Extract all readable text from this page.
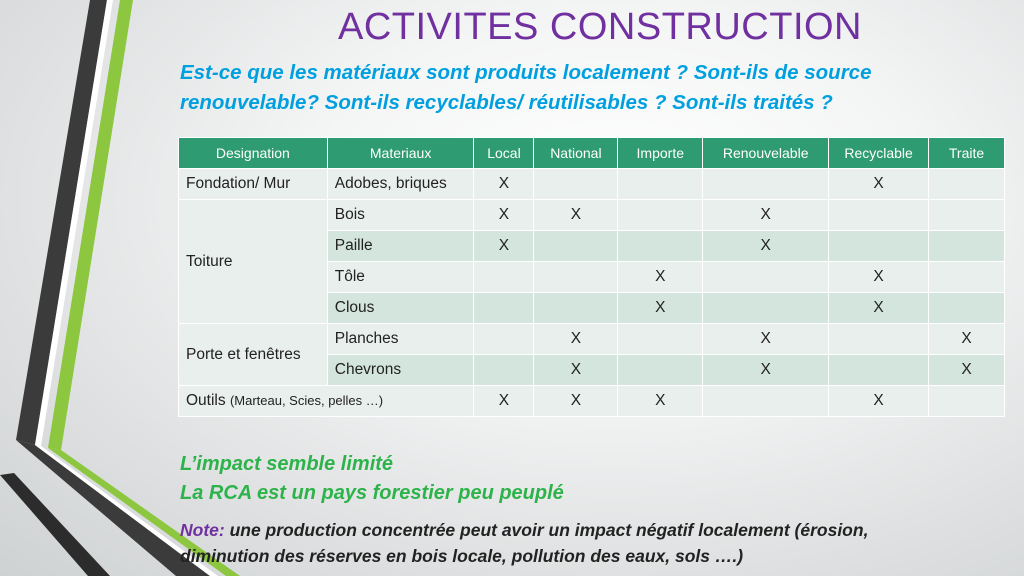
ACTIVITES CONSTRUCTION
Est-ce que les matériaux sont produits localement ? Sont-ils de source
renouvelable? Sont-ils recyclables/ réutilisables ? Sont-ils traités ?
Designation	Materiaux	Local	National	Importe	Renouvelable	Recyclable	Traite
Fondation/ Mur	Adobes, briques	X				X	
Toiture	Bois	X	X		X		
	Paille	X			X		
	Tôle			X		X	
	Clous			X		X	
Porte et fenêtres	Planches		X		X		X
	Chevrons		X		X		X
Outils (Marteau, Scies, pelles …)		X	X	X		X	
L’impact semble limité
La RCA est un pays forestier peu peuplé
Note: une production concentrée peut avoir un impact négatif localement (érosion,
diminution des réserves en bois locale, pollution des eaux, sols ….)
